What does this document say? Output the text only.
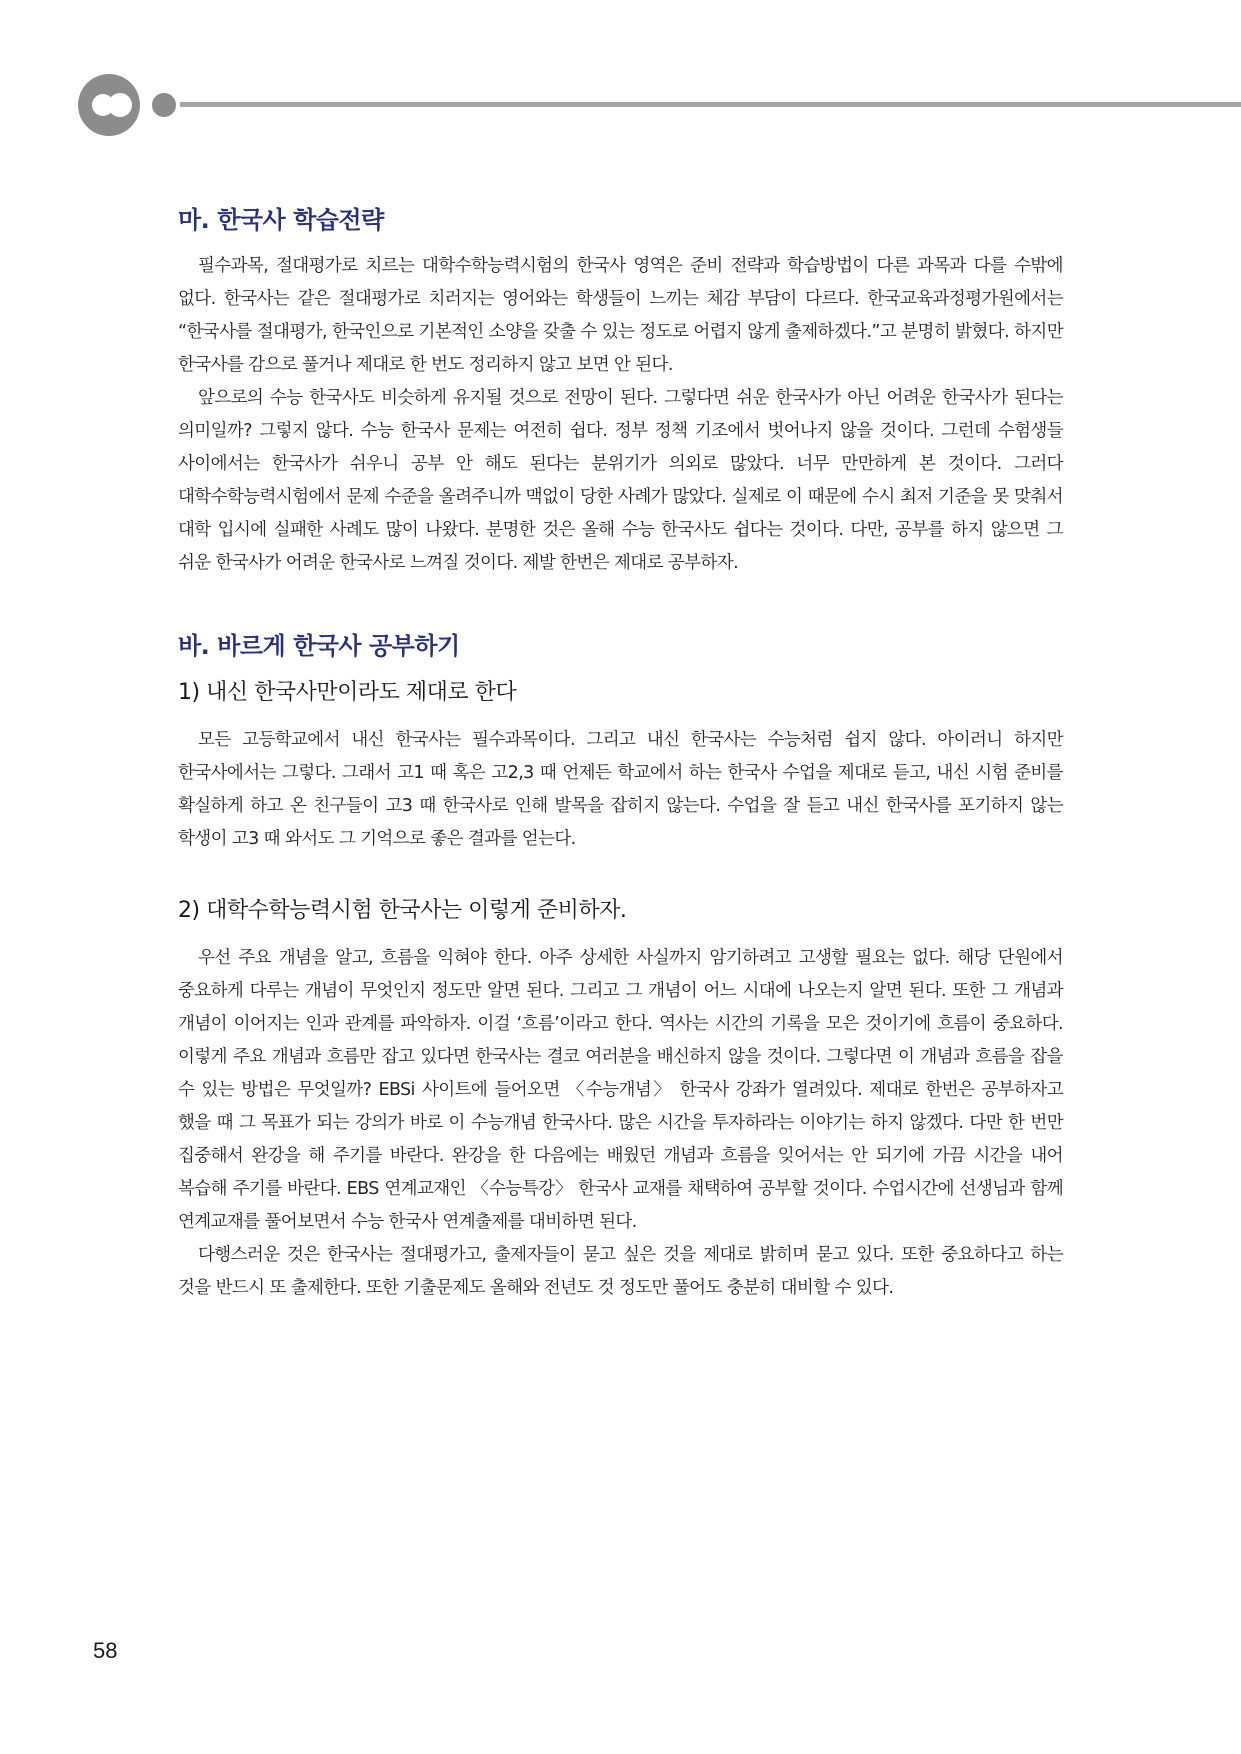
마. 한국사 학습전략

필수과목, 절대평가로 치르는 대학수학능력시험의 한국사 영역은 준비 전략과 학습방법이 다른 과목과 다를 수밖에 없다. 한국사는 같은 절대평가로 치러지는 영어와는 학생들이 느끼는 체감 부담이 다르다. 한국교육과정평가원에서는 “한국사를 절대평가, 한국인으로 기본적인 소양을 갖출 수 있는 정도로 어렵지 않게 출제하겠다.”고 분명히 밝혔다. 하지만 한국사를 감으로 풀거나 제대로 한 번도 정리하지 않고 보면 안 된다.

앞으로의 수능 한국사도 비슷하게 유지될 것으로 전망이 된다. 그렇다면 쉬운 한국사가 아닌 어려운 한국사가 된다는 의미일까? 그렇지 않다. 수능 한국사 문제는 여전히 쉽다. 정부 정책 기조에서 벗어나지 않을 것이다. 그런데 수험생들 사이에서는 한국사가 쉬우니 공부 안 해도 된다는 분위기가 의외로 많았다. 너무 만만하게 본 것이다. 그러다 대학수학능력시험에서 문제 수준을 올려주니까 맥없이 당한 사례가 많았다. 실제로 이 때문에 수시 최저 기준을 못 맞춰서 대학 입시에 실패한 사례도 많이 나왔다. 분명한 것은 올해 수능 한국사도 쉽다는 것이다. 다만, 공부를 하지 않으면 그 쉬운 한국사가 어려운 한국사로 느껴질 것이다. 제발 한번은 제대로 공부하자.

바. 바르게 한국사 공부하기
1) 내신 한국사만이라도 제대로 한다

모든 고등학교에서 내신 한국사는 필수과목이다. 그리고 내신 한국사는 수능처럼 쉽지 않다. 아이러니 하지만 한국사에서는 그렇다. 그래서 고1 때 혹은 고2,3 때 언제든 학교에서 하는 한국사 수업을 제대로 듣고, 내신 시험 준비를 확실하게 하고 온 친구들이 고3 때 한국사로 인해 발목을 잡히지 않는다. 수업을 잘 듣고 내신 한국사를 포기하지 않는 학생이 고3 때 와서도 그 기억으로 좋은 결과를 얻는다.

2) 대학수학능력시험 한국사는 이렇게 준비하자.

우선 주요 개념을 알고, 흐름을 익혀야 한다. 아주 상세한 사실까지 암기하려고 고생할 필요는 없다. 해당 단원에서 중요하게 다루는 개념이 무엇인지 정도만 알면 된다. 그리고 그 개념이 어느 시대에 나오는지 알면 된다. 또한 그 개념과 개념이 이어지는 인과 관계를 파악하자. 이걸 ‘흐름’이라고 한다. 역사는 시간의 기록을 모은 것이기에 흐름이 중요하다. 이렇게 주요 개념과 흐름만 잡고 있다면 한국사는 결코 여러분을 배신하지 않을 것이다. 그렇다면 이 개념과 흐름을 잡을 수 있는 방법은 무엇일까? EBSi 사이트에 들어오면 〈수능개념〉 한국사 강좌가 열려있다. 제대로 한번은 공부하자고 했을 때 그 목표가 되는 강의가 바로 이 수능개념 한국사다. 많은 시간을 투자하라는 이야기는 하지 않겠다. 다만 한 번만 집중해서 완강을 해 주기를 바란다. 완강을 한 다음에는 배웠던 개념과 흐름을 잊어서는 안 되기에 가끔 시간을 내어 복습해 주기를 바란다. EBS 연계교재인 〈수능특강〉 한국사 교재를 채택하여 공부할 것이다. 수업시간에 선생님과 함께 연계교재를 풀어보면서 수능 한국사 연계출제를 대비하면 된다.

다행스러운 것은 한국사는 절대평가고, 출제자들이 묻고 싶은 것을 제대로 밝히며 묻고 있다. 또한 중요하다고 하는 것을 반드시 또 출제한다. 또한 기출문제도 올해와 전년도 것 정도만 풀어도 충분히 대비할 수 있다.

58
